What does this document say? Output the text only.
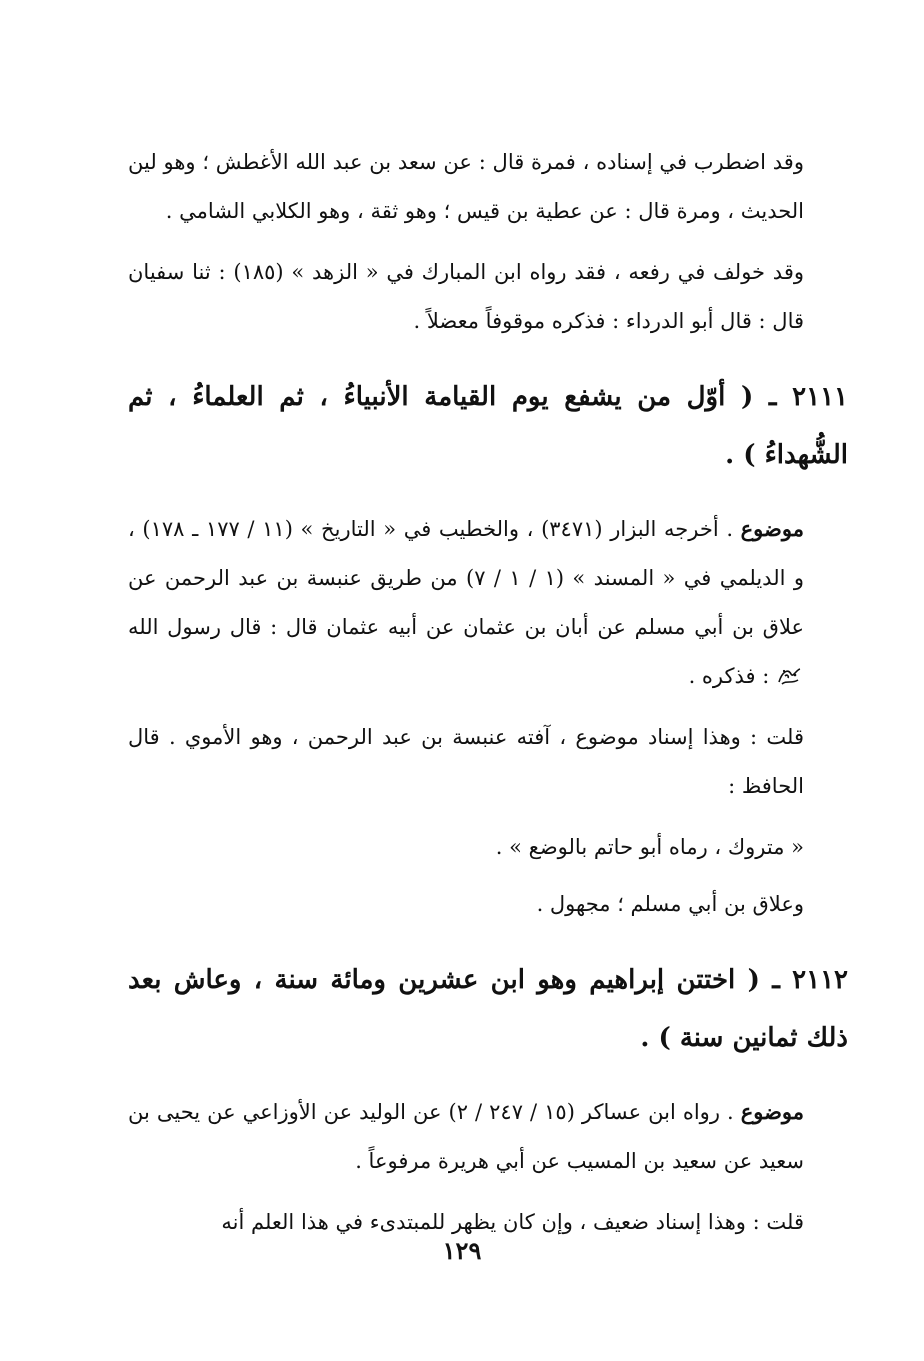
وقد اضطرب في إسناده ، فمرة قال : عن سعد بن عبد الله الأغطش ؛ وهو لين الحديث ، ومرة قال : عن عطية بن قيس ؛ وهو ثقة ، وهو الكلابي الشامي .

وقد خولف في رفعه ، فقد رواه ابن المبارك في « الزهد » (١٨٥) : ثنا سفيان قال : قال أبو الدرداء : فذكره موقوفاً معضلاً .

٢١١١ ـ ( أوّل من يشفع يوم القيامة الأنبياءُ ، ثم العلماءُ ، ثم الشُّهداءُ ) .

موضوع . أخرجه البزار (٣٤٧١) ، والخطيب في « التاريخ » (١١ / ١٧٧ ـ ١٧٨) ، و الديلمي في « المسند » (١ / ١ / ٧) من طريق عنبسة بن عبد الرحمن عن علاق بن أبي مسلم عن أبان بن عثمان عن أبيه عثمان قال : قال رسول الله  : فذكره .

قلت : وهذا إسناد موضوع ، آفته عنبسة بن عبد الرحمن ، وهو الأموي . قال الحافظ :

« متروك ، رماه أبو حاتم بالوضع » .
وعلاق بن أبي مسلم ؛ مجهول .
٢١١٢ ـ ( اختتن إبراهيم وهو ابن عشرين ومائة سنة ، وعاش بعد ذلك ثمانين سنة ) .

موضوع . رواه ابن عساكر (١٥ / ٢٤٧ / ٢) عن الوليد عن الأوزاعي عن يحيى بن سعيد عن سعيد بن المسيب عن أبي هريرة مرفوعاً .

قلت : وهذا إسناد ضعيف ، وإن كان يظهر للمبتدىء في هذا العلم أنه

١٢٩
